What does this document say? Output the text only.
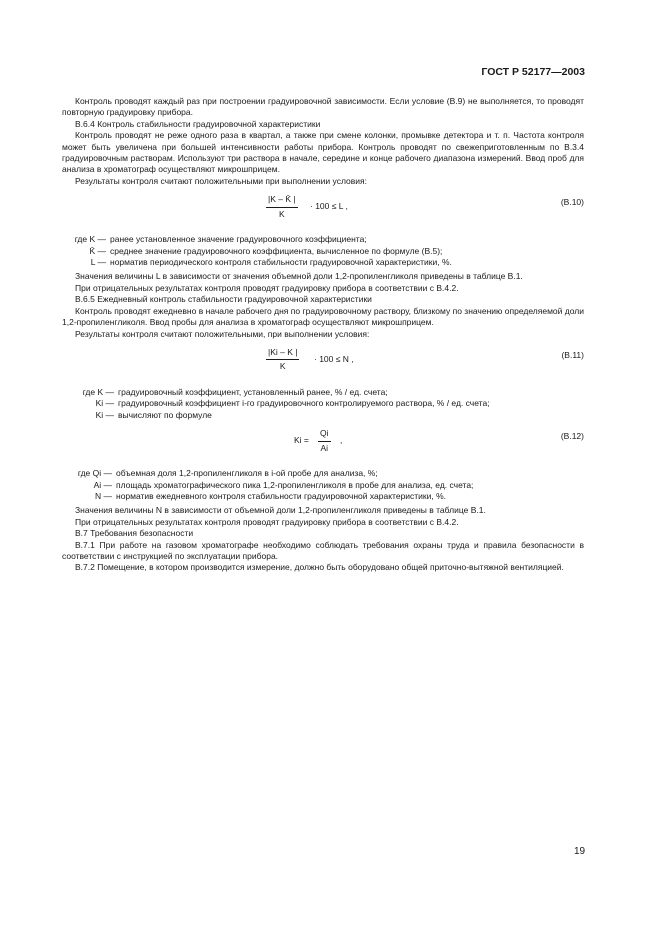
ГОСТ Р 52177—2003
Контроль проводят каждый раз при построении градуировочной зависимости. Если условие (В.9) не выполняется, то проводят повторную градуировку прибора.
В.6.4 Контроль стабильности градуировочной характеристики
Контроль проводят не реже одного раза в квартал, а также при смене колонки, промывке детектора и т. п. Частота контроля может быть увеличена при большей интенсивности работы прибора. Контроль проводят по свежеприготовленным по В.3.4 градуировочным растворам. Используют три раствора в начале, середине и конце рабочего диапазона измерений. Ввод проб для анализа в хроматограф осуществляют микрошприцем.
Результаты контроля считают положительными при выполнении условия:
$\frac{|K - K̄ |}{K} \cdot 100 \le L$ ,	(В.10)
где K — ранее установленное значение градуировочного коэффициента;
K̄ — среднее значение градуировочного коэффициента, вычисленное по формуле (В.5);
L — норматив периодического контроля стабильности градуировочной характеристики, %.
Значения величины L в зависимости от значения объемной доли 1,2-пропиленгликоля приведены в таблице В.1.
При отрицательных результатах контроля проводят градуировку прибора в соответствии с В.4.2.
В.6.5 Ежедневный контроль стабильности градуировочной характеристики
Контроль проводят ежедневно в начале рабочего дня по градуировочному раствору, близкому по значению определяемой доли 1,2-пропиленгликоля. Ввод пробы для анализа в хроматограф осуществляют микрошприцем.
Результаты контроля считают положительными, при выполнении условия:
$\frac{|Ki - K |}{K} \cdot 100 \le N$ ,	(В.11)
где K — градуировочный коэффициент, установленный ранее, % / ед. счета;
Ki — градуировочный коэффициент i-го градуировочного контролируемого раствора, % / ед. счета;
Ki — вычисляют по формуле
$Ki = \frac{Qi}{Ai}$ ,	(В.12)
где Qi — объемная доля 1,2-пропиленгликоля в i-ой пробе для анализа, %;
Ai — площадь хроматографического пика 1,2-пропиленгликоля в пробе для анализа, ед. счета;
N — норматив ежедневного контроля стабильности градуировочной характеристики, %.
Значения величины N в зависимости от объемной доли 1,2-пропиленгликоля приведены в таблице В.1.
При отрицательных результатах контроля проводят градуировку прибора в соответствии с В.4.2.
В.7 Требования безопасности
В.7.1 При работе на газовом хроматографе необходимо соблюдать требования охраны труда и правила безопасности в соответствии с инструкцией по эксплуатации прибора.
В.7.2 Помещение, в котором производится измерение, должно быть оборудовано общей приточно-вытяжной вентиляцией.
19
